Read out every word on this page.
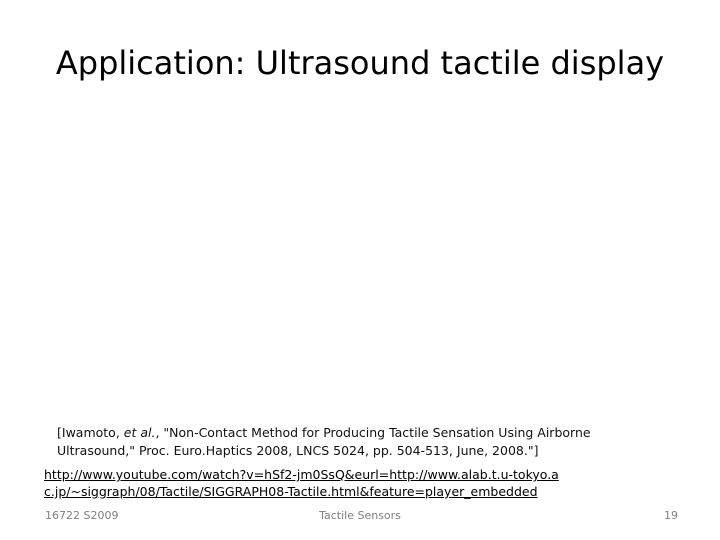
Application: Ultrasound tactile display
[Iwamoto, et al., "Non-Contact Method for Producing Tactile Sensation Using Airborne Ultrasound," Proc. Euro.Haptics 2008, LNCS 5024, pp. 504-513, June, 2008."]
http://www.youtube.com/watch?v=hSf2-jm0SsQ&eurl=http://www.alab.t.u-tokyo.ac.jp/~siggraph/08/Tactile/SIGGRAPH08-Tactile.html&feature=player_embedded
16722 S2009	Tactile Sensors	19
